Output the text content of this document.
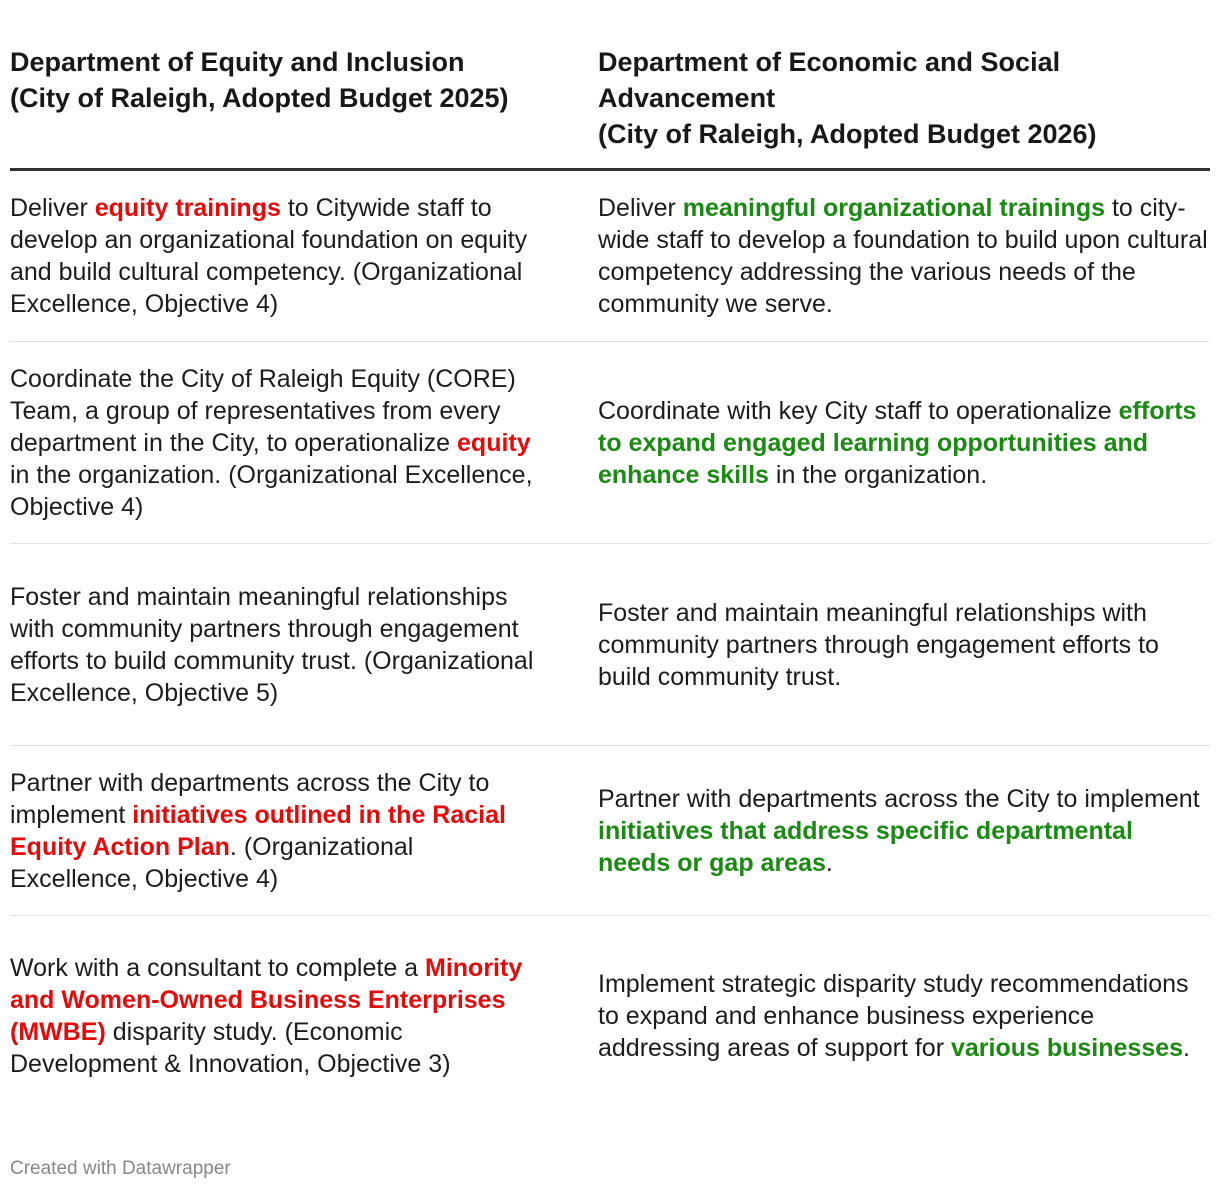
Department of Equity and Inclusion
(City of Raleigh, Adopted Budget 2025)
Department of Economic and Social Advancement
(City of Raleigh, Adopted Budget 2026)
Deliver equity trainings to Citywide staff to develop an organizational foundation on equity and build cultural competency. (Organizational Excellence, Objective 4)
Deliver meaningful organizational trainings to city-wide staff to develop a foundation to build upon cultural competency addressing the various needs of the community we serve.
Coordinate the City of Raleigh Equity (CORE) Team, a group of representatives from every department in the City, to operationalize equity in the organization. (Organizational Excellence, Objective 4)
Coordinate with key City staff to operationalize efforts to expand engaged learning opportunities and enhance skills in the organization.
Foster and maintain meaningful relationships with community partners through engagement efforts to build community trust. (Organizational Excellence, Objective 5)
Foster and maintain meaningful relationships with community partners through engagement efforts to build community trust.
Partner with departments across the City to implement initiatives outlined in the Racial Equity Action Plan. (Organizational Excellence, Objective 4)
Partner with departments across the City to implement initiatives that address specific departmental needs or gap areas.
Work with a consultant to complete a Minority and Women-Owned Business Enterprises (MWBE) disparity study. (Economic Development & Innovation, Objective 3)
Implement strategic disparity study recommendations to expand and enhance business experience addressing areas of support for various businesses.
Created with Datawrapper
